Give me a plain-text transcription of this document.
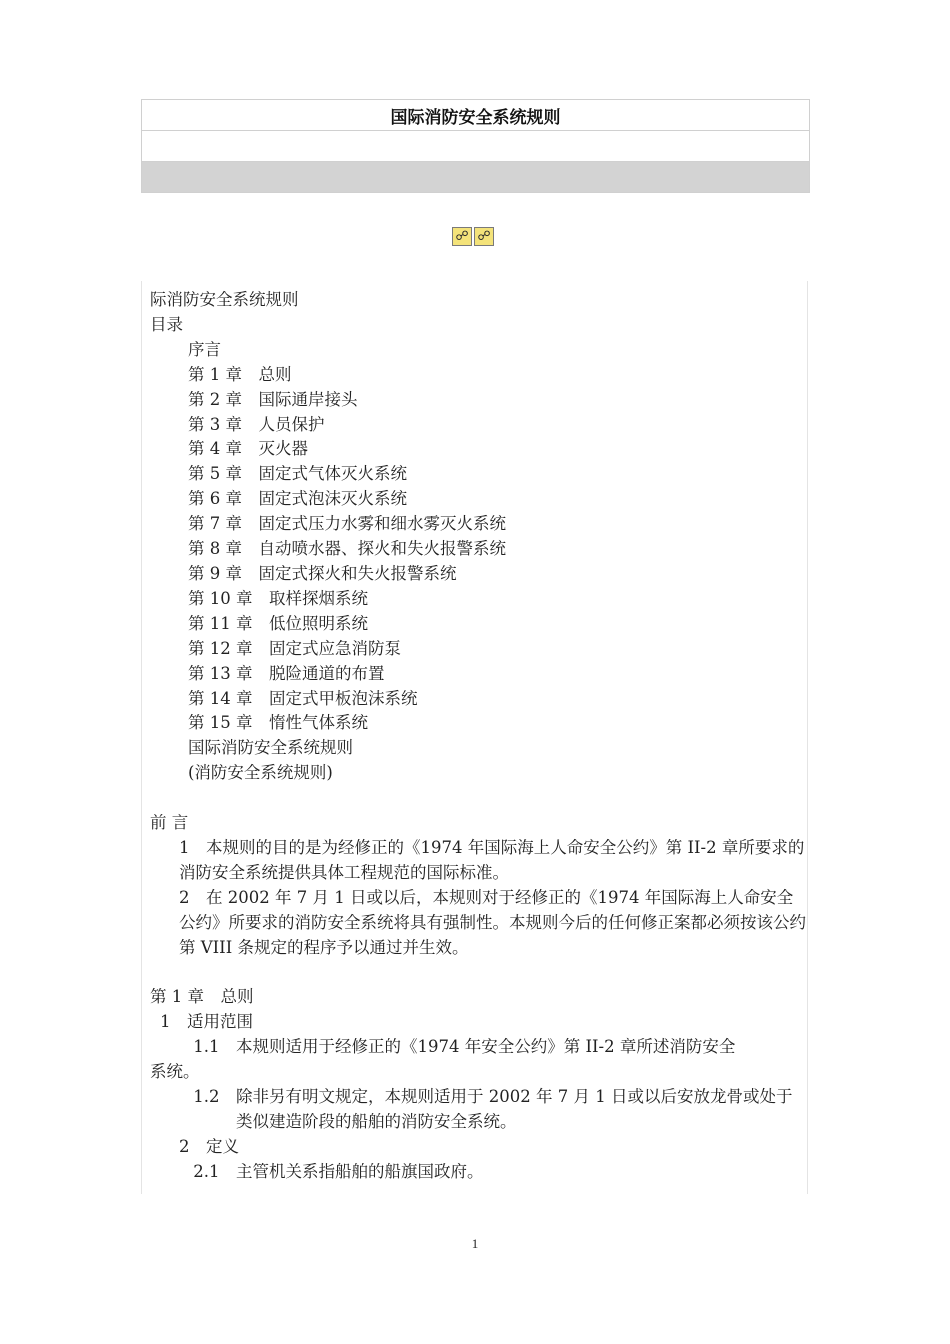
国际消防安全系统规则
☍ ☍
际消防安全系统规则
目录
序言
第 1 章　总则
第 2 章　国际通岸接头
第 3 章　人员保护
第 4 章　灭火器
第 5 章　固定式气体灭火系统
第 6 章　固定式泡沫灭火系统
第 7 章　固定式压力水雾和细水雾灭火系统
第 8 章　自动喷水器、探火和失火报警系统
第 9 章　固定式探火和失火报警系统
第 10 章　取样探烟系统
第 11 章　低位照明系统
第 12 章　固定式应急消防泵
第 13 章　脱险通道的布置
第 14 章　固定式甲板泡沫系统
第 15 章　惰性气体系统
国际消防安全系统规则
(消防安全系统规则)
前 言
1　本规则的目的是为经修正的《1974 年国际海上人命安全公约》第 II-2 章所要求的消防安全系统提供具体工程规范的国际标准。
2　在 2002 年 7 月 1 日或以后，本规则对于经修正的《1974 年国际海上人命安全公约》所要求的消防安全系统将具有强制性。本规则今后的任何修正案都必须按该公约第 VIII 条规定的程序予以通过并生效。
第 1 章　总则
1　适用范围
1.1　 本规则适用于经修正的《1974 年安全公约》第 II-2 章所述消防安全
系统。
1.2　 除非另有明文规定，本规则适用于 2002 年 7 月 1 日或以后安放龙骨或处于类似建造阶段的船舶的消防安全系统。
2　定义
2.1　 主管机关系指船舶的船旗国政府。
1
